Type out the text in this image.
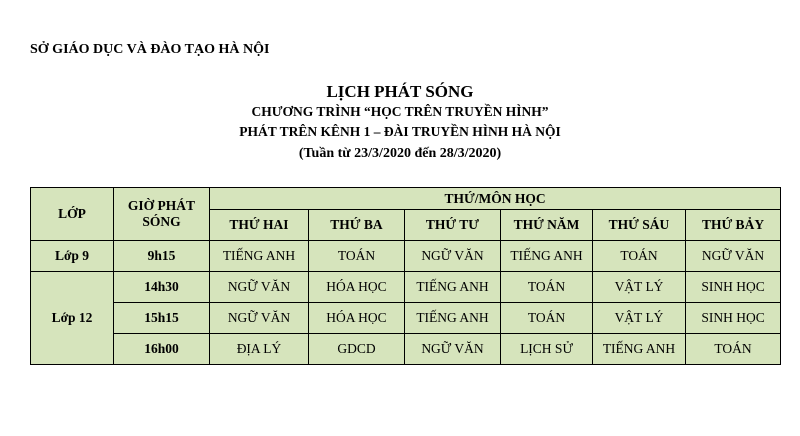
SỞ GIÁO DỤC VÀ ĐÀO TẠO HÀ NỘI
LỊCH PHÁT SÓNG
CHƯƠNG TRÌNH “HỌC TRÊN TRUYỀN HÌNH”
PHÁT TRÊN KÊNH 1 – ĐÀI TRUYỀN HÌNH HÀ NỘI
(Tuần từ 23/3/2020 đến 28/3/2020)
LỚP	GIỜ PHÁT SÓNG	THỨ/MÔN HỌC					
		THỨ HAI	THỨ BA	THỨ TƯ	THỨ NĂM	THỨ SÁU	THỨ BẢY
Lớp 9	9h15	TIẾNG ANH	TOÁN	NGỮ VĂN	TIẾNG ANH	TOÁN	NGỮ VĂN
Lớp 12	14h30	NGỮ VĂN	HÓA HỌC	TIẾNG ANH	TOÁN	VẬT LÝ	SINH HỌC
	15h15	NGỮ VĂN	HÓA HỌC	TIẾNG ANH	TOÁN	VẬT LÝ	SINH HỌC
	16h00	ĐỊA LÝ	GDCD	NGỮ VĂN	LỊCH SỬ	TIẾNG ANH	TOÁN
